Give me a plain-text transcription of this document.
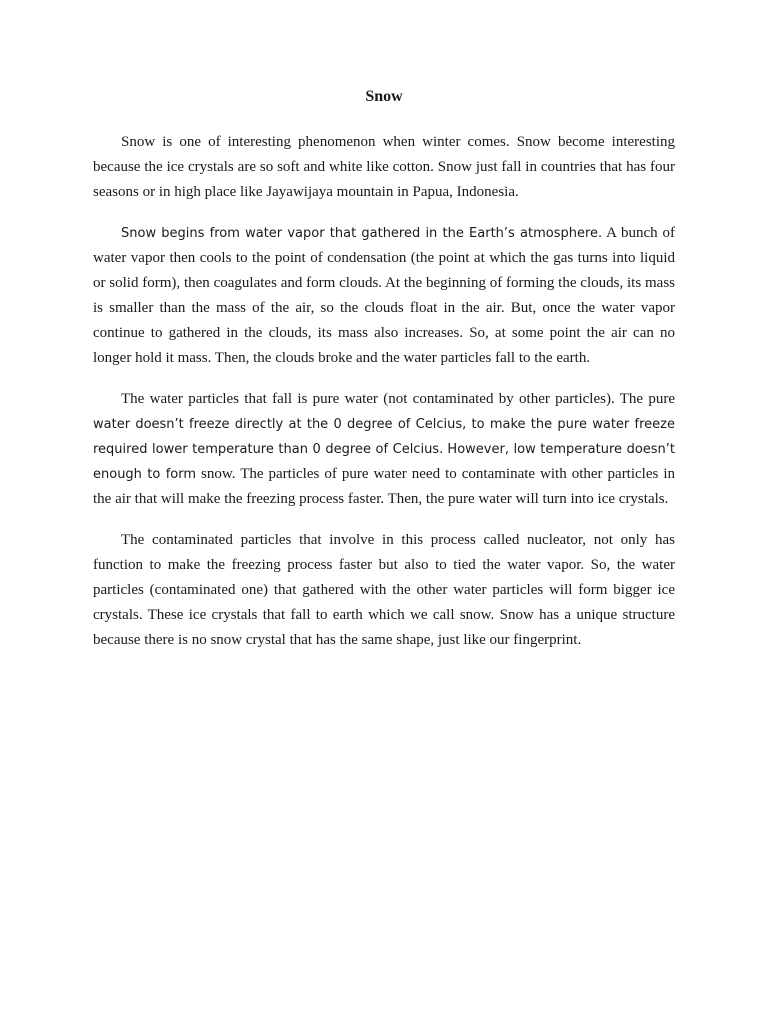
Snow

Snow is one of interesting phenomenon when winter comes. Snow become interesting because the ice crystals are so soft and white like cotton. Snow just fall in countries that has four seasons or in high place like Jayawijaya mountain in Papua, Indonesia.

Snow begins from water vapor that gathered in the Earth’s atmosphere. A bunch of water vapor then cools to the point of condensation (the point at which the gas turns into liquid or solid form), then coagulates and form clouds. At the beginning of forming the clouds, its mass is smaller than the mass of the air, so the clouds float in the air. But, once the water vapor continue to gathered in the clouds, its mass also increases. So, at some point the air can no longer hold it mass. Then, the clouds broke and the water particles fall to the earth.

The water particles that fall is pure water (not contaminated by other particles). The pure water doesn’t freeze directly at the 0 degree of Celcius, to make the pure water freeze required lower temperature than 0 degree of Celcius. However, low temperature doesn’t enough to form snow. The particles of pure water need to contaminate with other particles in the air that will make the freezing process faster. Then, the pure water will turn into ice crystals.

The contaminated particles that involve in this process called nucleator, not only has function to make the freezing process faster but also to tied the water vapor. So, the water particles (contaminated one) that gathered with the other water particles will form bigger ice crystals. These ice crystals that fall to earth which we call snow. Snow has a unique structure because there is no snow crystal that has the same shape, just like our fingerprint.
